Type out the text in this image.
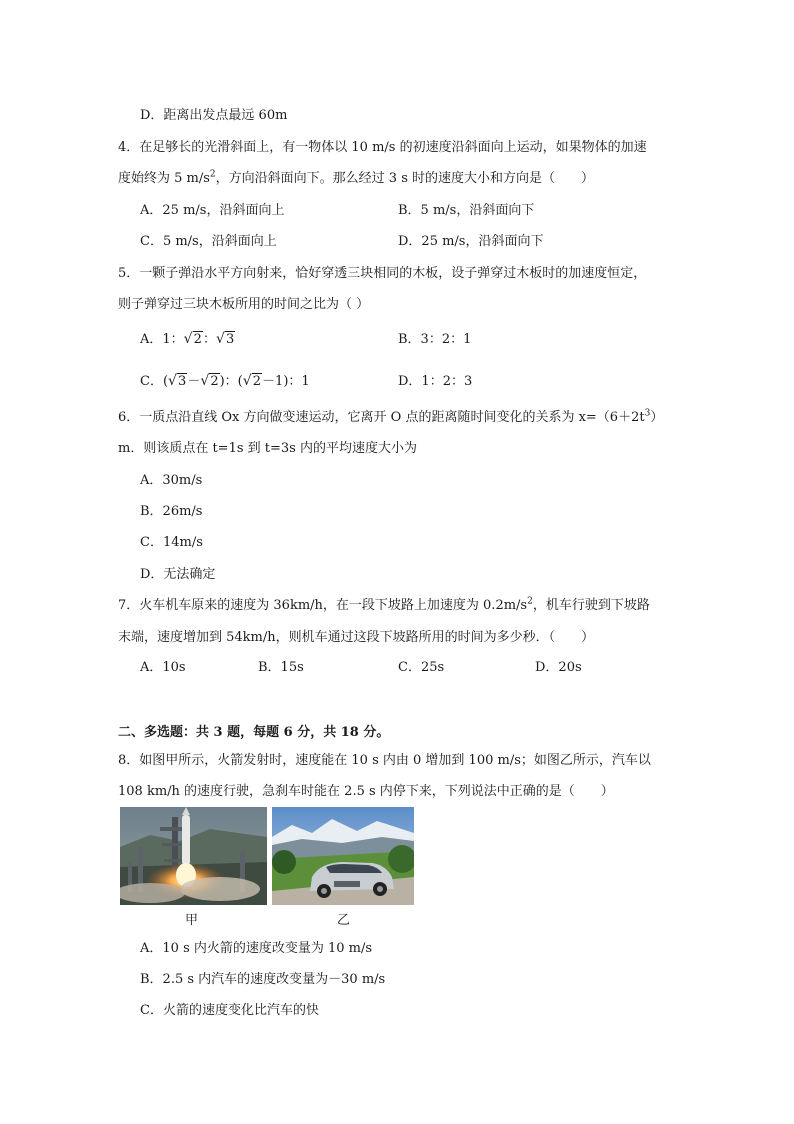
D．距离出发点最远 60m
4．在足够长的光滑斜面上，有一物体以 10 m/s 的初速度沿斜面向上运动，如果物体的加速
度始终为 5 $m/s^2$，方向沿斜面向下。那么经过 3 s 时的速度大小和方向是（　　）
A．25 m/s，沿斜面向上	B．5 m/s，沿斜面向下
C．5 m/s，沿斜面向上	D．25 m/s，沿斜面向下
5．一颗子弹沿水平方向射来，恰好穿透三块相同的木板，设子弹穿过木板时的加速度恒定，
则子弹穿过三块木板所用的时间之比为（ ）
A．1： √ 2： √ 3	B．3：2：1
C．( √ 3－ √ 2)：( √ 2－1)：1	D．1：2：3
6．一质点沿直线 Ox 方向做变速运动，它离开 O 点的距离随时间变化的关系为 $x=(6+2t^3)$
m．则该质点在 t=1s 到 t=3s 内的平均速度大小为
A．30m/s
B．26m/s
C．14m/s
D．无法确定
7．火车机车原来的速度为 36km/h，在一段下坡路上加速度为 $0.2m/s^2$，机车行驶到下坡路
末端，速度增加到 54km/h，则机车通过这段下坡路所用的时间为多少秒．（　　）
A．10s	B．15s	C．25s	D．20s
二、多选题：共 3 题，每题 6 分，共 18 分。
8．如图甲所示，火箭发射时，速度能在 10 s 内由 0 增加到 100 m/s；如图乙所示，汽车以
108 km/h 的速度行驶，急刹车时能在 2.5 s 内停下来，下列说法中正确的是（　　）
甲	乙
A．10 s 内火箭的速度改变量为 10 m/s
B．2.5 s 内汽车的速度改变量为－30 m/s
C．火箭的速度变化比汽车的快
